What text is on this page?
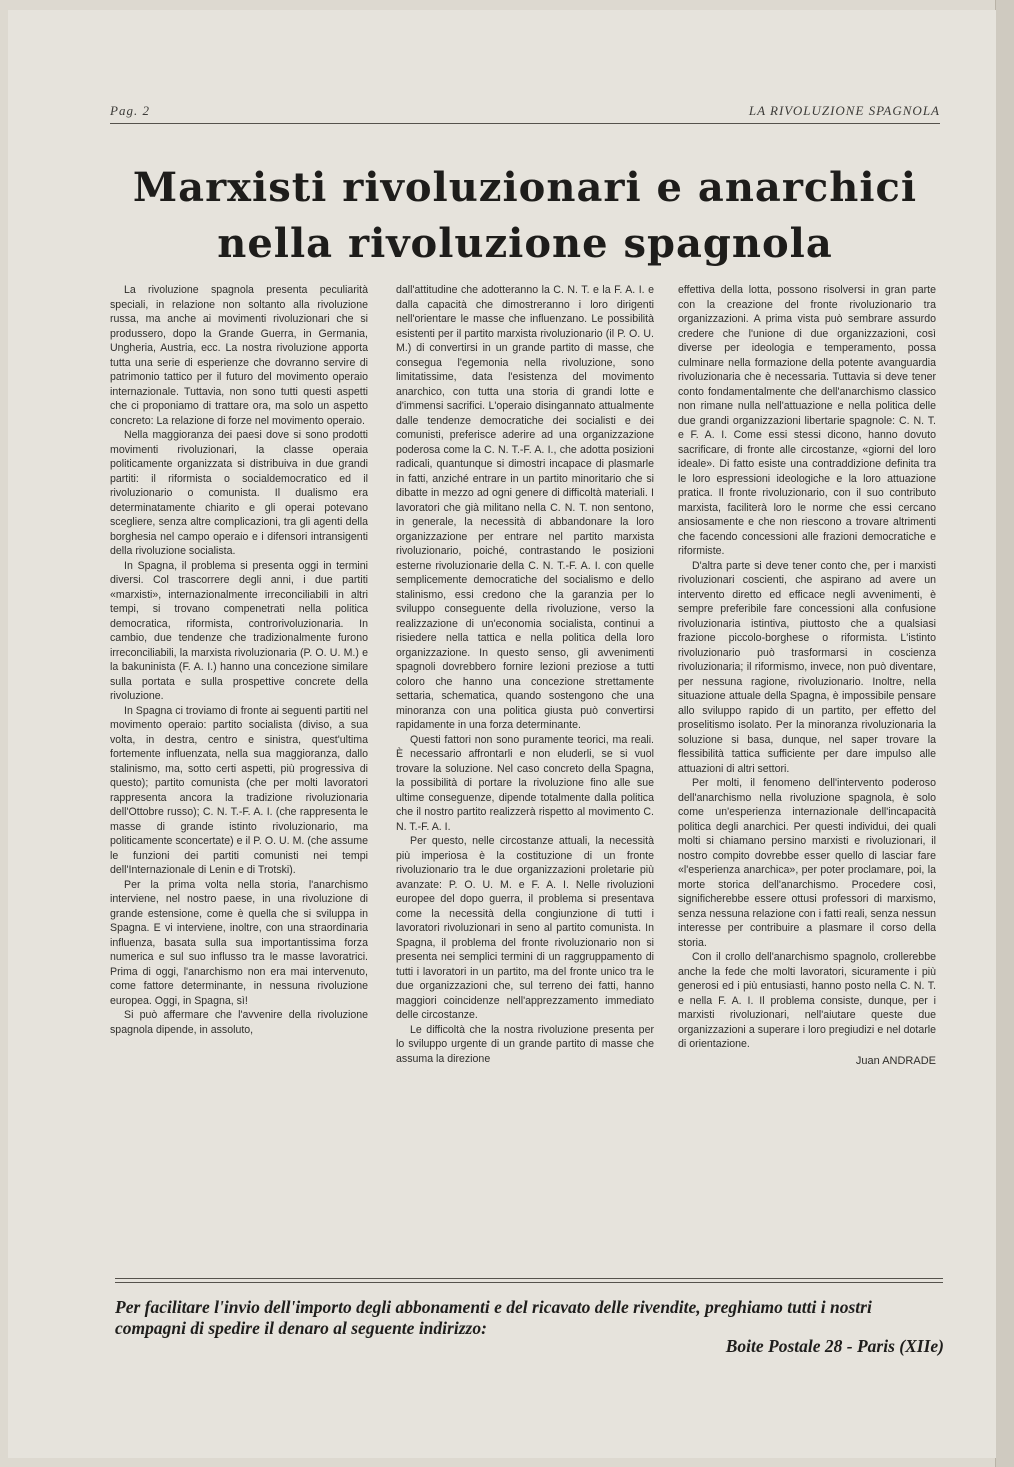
Pag. 2	LA RIVOLUZIONE SPAGNOLA
Marxisti rivoluzionari e anarchici
nella rivoluzione spagnola

La rivoluzione spagnola presenta peculiarità speciali, in relazione non soltanto alla rivoluzione russa, ma anche ai movimenti rivoluzionari che si produssero, dopo la Grande Guerra, in Germania, Ungheria, Austria, ecc. La nostra rivoluzione apporta tutta una serie di esperienze che dovranno servire di patrimonio tattico per il futuro del movimento operaio internazionale. Tuttavia, non sono tutti questi aspetti che ci proponiamo di trattare ora, ma solo un aspetto concreto: La relazione di forze nel movimento operaio.

Nella maggioranza dei paesi dove si sono prodotti movimenti rivoluzionari, la classe operaia politicamente organizzata si distribuiva in due grandi partiti: il riformista o socialdemocratico ed il rivoluzionario o comunista. Il dualismo era determinatamente chiarito e gli operai potevano scegliere, senza altre complicazioni, tra gli agenti della borghesia nel campo operaio e i difensori intransigenti della rivoluzione socialista.

In Spagna, il problema si presenta oggi in termini diversi. Col trascorrere degli anni, i due partiti «marxisti», internazionalmente irreconciliabili in altri tempi, si trovano compenetrati nella politica democratica, riformista, controrivoluzionaria. In cambio, due tendenze che tradizionalmente furono irreconciliabili, la marxista rivoluzionaria (P. O. U. M.) e la bakuninista (F. A. I.) hanno una concezione similare sulla portata e sulla prospettive concrete della rivoluzione.

In Spagna ci troviamo di fronte ai seguenti partiti nel movimento operaio: partito socialista (diviso, a sua volta, in destra, centro e sinistra, quest'ultima fortemente influenzata, nella sua maggioranza, dallo stalinismo, ma, sotto certi aspetti, più progressiva di questo); partito comunista (che per molti lavoratori rappresenta ancora la tradizione rivoluzionaria dell'Ottobre russo); C. N. T.-F. A. I. (che rappresenta le masse di grande istinto rivoluzionario, ma politicamente sconcertate) e il P. O. U. M. (che assume le funzioni dei partiti comunisti nei tempi dell'Internazionale di Lenin e di Trotski).

Per la prima volta nella storia, l'anarchismo interviene, nel nostro paese, in una rivoluzione di grande estensione, come è quella che si sviluppa in Spagna. E vi interviene, inoltre, con una straordinaria influenza, basata sulla sua importantissima forza numerica e sul suo influsso tra le masse lavoratrici. Prima di oggi, l'anarchismo non era mai intervenuto, come fattore determinante, in nessuna rivoluzione europea. Oggi, in Spagna, sì!

Si può affermare che l'avvenire della rivoluzione spagnola dipende, in assoluto,

dall'attitudine che adotteranno la C. N. T. e la F. A. I. e dalla capacità che dimostreranno i loro dirigenti nell'orientare le masse che influenzano. Le possibilità esistenti per il partito marxista rivoluzionario (il P. O. U. M.) di convertirsi in un grande partito di masse, che consegua l'egemonia nella rivoluzione, sono limitatissime, data l'esistenza del movimento anarchico, con tutta una storia di grandi lotte e d'immensi sacrifici. L'operaio disingannato attualmente dalle tendenze democratiche dei socialisti e dei comunisti, preferisce aderire ad una organizzazione poderosa come la C. N. T.-F. A. I., che adotta posizioni radicali, quantunque si dimostri incapace di plasmarle in fatti, anziché entrare in un partito minoritario che si dibatte in mezzo ad ogni genere di difficoltà materiali. I lavoratori che già militano nella C. N. T. non sentono, in generale, la necessità di abbandonare la loro organizzazione per entrare nel partito marxista rivoluzionario, poiché, contrastando le posizioni esterne rivoluzionarie della C. N. T.-F. A. I. con quelle semplicemente democratiche del socialismo e dello stalinismo, essi credono che la garanzia per lo sviluppo conseguente della rivoluzione, verso la realizzazione di un'economia socialista, continui a risiedere nella tattica e nella politica della loro organizzazione. In questo senso, gli avvenimenti spagnoli dovrebbero fornire lezioni preziose a tutti coloro che hanno una concezione strettamente settaria, schematica, quando sostengono che una minoranza con una politica giusta può convertirsi rapidamente in una forza determinante.

Questi fattori non sono puramente teorici, ma reali. È necessario affrontarli e non eluderli, se si vuol trovare la soluzione. Nel caso concreto della Spagna, la possibilità di portare la rivoluzione fino alle sue ultime conseguenze, dipende totalmente dalla politica che il nostro partito realizzerà rispetto al movimento C. N. T.-F. A. I.

Per questo, nelle circostanze attuali, la necessità più imperiosa è la costituzione di un fronte rivoluzionario tra le due organizzazioni proletarie più avanzate: P. O. U. M. e F. A. I. Nelle rivoluzioni europee del dopo guerra, il problema si presentava come la necessità della congiunzione di tutti i lavoratori rivoluzionari in seno al partito comunista. In Spagna, il problema del fronte rivoluzionario non si presenta nei semplici termini di un raggruppamento di tutti i lavoratori in un partito, ma del fronte unico tra le due organizzazioni che, sul terreno dei fatti, hanno maggiori coincidenze nell'apprezzamento immediato delle circostanze.

Le difficoltà che la nostra rivoluzione presenta per lo sviluppo urgente di un grande partito di masse che assuma la direzione

effettiva della lotta, possono risolversi in gran parte con la creazione del fronte rivoluzionario tra organizzazioni. A prima vista può sembrare assurdo credere che l'unione di due organizzazioni, così diverse per ideologia e temperamento, possa culminare nella formazione della potente avanguardia rivoluzionaria che è necessaria. Tuttavia si deve tener conto fondamentalmente che dell'anarchismo classico non rimane nulla nell'attuazione e nella politica delle due grandi organizzazioni libertarie spagnole: C. N. T. e F. A. I. Come essi stessi dicono, hanno dovuto sacrificare, di fronte alle circostanze, «giorni del loro ideale». Di fatto esiste una contraddizione definita tra le loro espressioni ideologiche e la loro attuazione pratica. Il fronte rivoluzionario, con il suo contributo marxista, faciliterà loro le norme che essi cercano ansiosamente e che non riescono a trovare altrimenti che facendo concessioni alle frazioni democratiche e riformiste.

D'altra parte si deve tener conto che, per i marxisti rivoluzionari coscienti, che aspirano ad avere un intervento diretto ed efficace negli avvenimenti, è sempre preferibile fare concessioni alla confusione rivoluzionaria istintiva, piuttosto che a qualsiasi frazione piccolo-borghese o riformista. L'istinto rivoluzionario può trasformarsi in coscienza rivoluzionaria; il riformismo, invece, non può diventare, per nessuna ragione, rivoluzionario. Inoltre, nella situazione attuale della Spagna, è impossibile pensare allo sviluppo rapido di un partito, per effetto del proselitismo isolato. Per la minoranza rivoluzionaria la soluzione si basa, dunque, nel saper trovare la flessibilità tattica sufficiente per dare impulso alle attuazioni di altri settori.

Per molti, il fenomeno dell'intervento poderoso dell'anarchismo nella rivoluzione spagnola, è solo come un'esperienza internazionale dell'incapacità politica degli anarchici. Per questi individui, dei quali molti si chiamano persino marxisti e rivoluzionari, il nostro compito dovrebbe esser quello di lasciar fare «l'esperienza anarchica», per poter proclamare, poi, la morte storica dell'anarchismo. Procedere così, significherebbe essere ottusi professori di marxismo, senza nessuna relazione con i fatti reali, senza nessun interesse per contribuire a plasmare il corso della storia.

Con il crollo dell'anarchismo spagnolo, crollerebbe anche la fede che molti lavoratori, sicuramente i più generosi ed i più entusiasti, hanno posto nella C. N. T. e nella F. A. I. Il problema consiste, dunque, per i marxisti rivoluzionari, nell'aiutare queste due organizzazioni a superare i loro pregiudizi e nel dotarle di orientazione.

Juan ANDRADE
Per facilitare l'invio dell'importo degli abbonamenti e del ricavato delle rivendite, preghiamo tutti i nostri compagni di spedire il denaro al seguente indirizzo:
Boite Postale 28 - Paris (XIIe)
